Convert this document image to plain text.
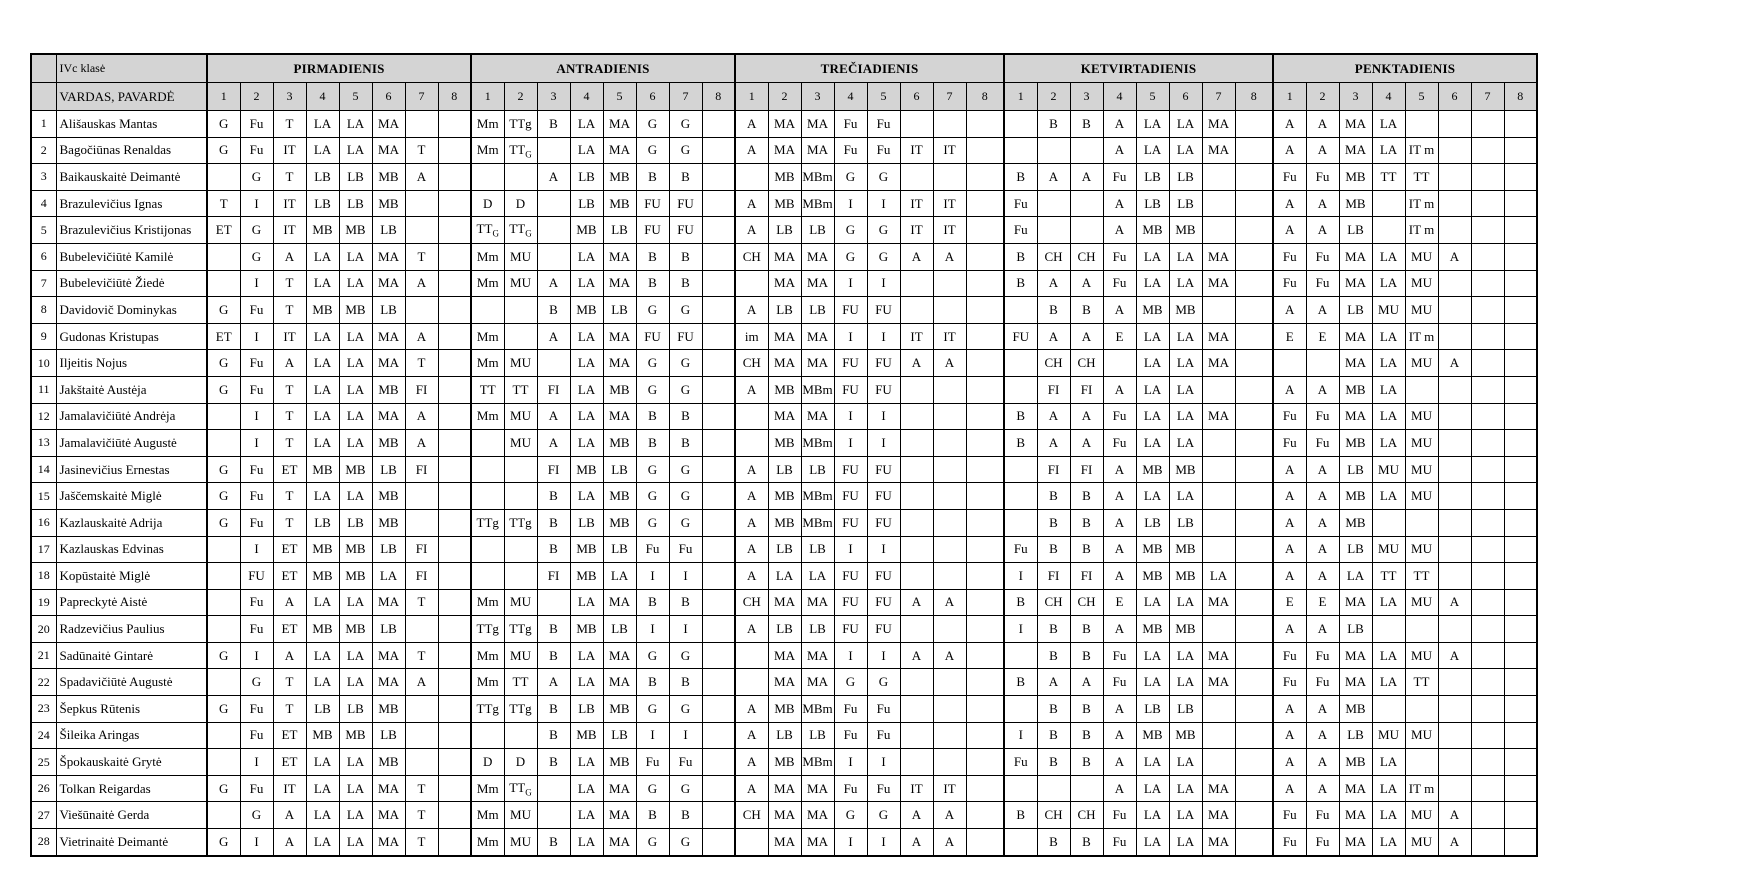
	IVc klasė	PIRMADIENIS								ANTRADIENIS								TREČIADIENIS								KETVIRTADIENIS								PENKTADIENIS							
	VARDAS, PAVARDĖ	1	2	3	4	5	6	7	8	1	2	3	4	5	6	7	8	1	2	3	4	5	6	7	8	1	2	3	4	5	6	7	8	1	2	3	4	5	6	7	8
1	Ališauskas Mantas	G	Fu	T	LA	LA	MA			Mm	TTg	B	LA	MA	G	G		A	MA	MA	Fu	Fu					B	B	A	LA	LA	MA		A	A	MA	LA				
2	Bagočiūnas Renaldas	G	Fu	IT	LA	LA	MA	T		Mm	$TT_G$		LA	MA	G	G		A	MA	MA	Fu	Fu	IT	IT					A	LA	LA	MA		A	A	MA	LA	IT m			
3	Baikauskaitė Deimantė		G	T	LB	LB	MB	A				A	LB	MB	B	B			MB	MBm	G	G				B	A	A	Fu	LB	LB			Fu	Fu	MB	TT	TT			
4	Brazulevičius Ignas	T	I	IT	LB	LB	MB			D	D		LB	MB	FU	FU		A	MB	MBm	I	I	IT	IT		Fu			A	LB	LB			A	A	MB		IT m			
5	Brazulevičius Kristijonas	ET	G	IT	MB	MB	LB			$TT_G$	$TT_G$		MB	LB	FU	FU		A	LB	LB	G	G	IT	IT		Fu			A	MB	MB			A	A	LB		IT m			
6	Bubelevičiūtė Kamilė		G	A	LA	LA	MA	T		Mm	MU		LA	MA	B	B		CH	MA	MA	G	G	A	A		B	CH	CH	Fu	LA	LA	MA		Fu	Fu	MA	LA	MU	A		
7	Bubelevičiūtė Žiedė		I	T	LA	LA	MA	A		Mm	MU	A	LA	MA	B	B			MA	MA	I	I				B	A	A	Fu	LA	LA	MA		Fu	Fu	MA	LA	MU			
8	Davidovič Dominykas	G	Fu	T	MB	MB	LB					B	MB	LB	G	G		A	LB	LB	FU	FU					B	B	A	MB	MB			A	A	LB	MU	MU			
9	Gudonas Kristupas	ET	I	IT	LA	LA	MA	A		Mm		A	LA	MA	FU	FU		im	MA	MA	I	I	IT	IT		FU	A	A	E	LA	LA	MA		E	E	MA	LA	IT m			
10	Iljeitis Nojus	G	Fu	A	LA	LA	MA	T		Mm	MU		LA	MA	G	G		CH	MA	MA	FU	FU	A	A			CH	CH		LA	LA	MA				MA	LA	MU	A		
11	Jakštaitė Austėja	G	Fu	T	LA	LA	MB	FI		TT	TT	FI	LA	MB	G	G		A	MB	MBm	FU	FU					FI	FI	A	LA	LA			A	A	MB	LA				
12	Jamalavičiūtė Andrėja		I	T	LA	LA	MA	A		Mm	MU	A	LA	MA	B	B			MA	MA	I	I				B	A	A	Fu	LA	LA	MA		Fu	Fu	MA	LA	MU			
13	Jamalavičiūtė Augustė		I	T	LA	LA	MB	A			MU	A	LA	MB	B	B			MB	MBm	I	I				B	A	A	Fu	LA	LA			Fu	Fu	MB	LA	MU			
14	Jasinevičius Ernestas	G	Fu	ET	MB	MB	LB	FI				FI	MB	LB	G	G		A	LB	LB	FU	FU					FI	FI	A	MB	MB			A	A	LB	MU	MU			
15	Jaščemskaitė Miglė	G	Fu	T	LA	LA	MB					B	LA	MB	G	G		A	MB	MBm	FU	FU					B	B	A	LA	LA			A	A	MB	LA	MU			
16	Kazlauskaitė Adrija	G	Fu	T	LB	LB	MB			TTg	TTg	B	LB	MB	G	G		A	MB	MBm	FU	FU					B	B	A	LB	LB			A	A	MB					
17	Kazlauskas Edvinas		I	ET	MB	MB	LB	FI				B	MB	LB	Fu	Fu		A	LB	LB	I	I				Fu	B	B	A	MB	MB			A	A	LB	MU	MU			
18	Kopūstaitė Miglė		FU	ET	MB	MB	LA	FI				FI	MB	LA	I	I		A	LA	LA	FU	FU				I	FI	FI	A	MB	MB	LA		A	A	LA	TT	TT			
19	Papreckytė Aistė		Fu	A	LA	LA	MA	T		Mm	MU		LA	MA	B	B		CH	MA	MA	FU	FU	A	A		B	CH	CH	E	LA	LA	MA		E	E	MA	LA	MU	A		
20	Radzevičius Paulius		Fu	ET	MB	MB	LB			TTg	TTg	B	MB	LB	I	I		A	LB	LB	FU	FU				I	B	B	A	MB	MB			A	A	LB					
21	Sadūnaitė Gintarė	G	I	A	LA	LA	MA	T		Mm	MU	B	LA	MA	G	G			MA	MA	I	I	A	A			B	B	Fu	LA	LA	MA		Fu	Fu	MA	LA	MU	A		
22	Spadavičiūtė Augustė		G	T	LA	LA	MA	A		Mm	TT	A	LA	MA	B	B			MA	MA	G	G				B	A	A	Fu	LA	LA	MA		Fu	Fu	MA	LA	TT			
23	Šepkus Rūtenis	G	Fu	T	LB	LB	MB			TTg	TTg	B	LB	MB	G	G		A	MB	MBm	Fu	Fu					B	B	A	LB	LB			A	A	MB					
24	Šileika Aringas		Fu	ET	MB	MB	LB					B	MB	LB	I	I		A	LB	LB	Fu	Fu				I	B	B	A	MB	MB			A	A	LB	MU	MU			
25	Špokauskaitė Grytė		I	ET	LA	LA	MB			D	D	B	LA	MB	Fu	Fu		A	MB	MBm	I	I				Fu	B	B	A	LA	LA			A	A	MB	LA				
26	Tolkan Reigardas	G	Fu	IT	LA	LA	MA	T		Mm	$TT_G$		LA	MA	G	G		A	MA	MA	Fu	Fu	IT	IT					A	LA	LA	MA		A	A	MA	LA	IT m			
27	Viešūnaitė Gerda		G	A	LA	LA	MA	T		Mm	MU		LA	MA	B	B		CH	MA	MA	G	G	A	A		B	CH	CH	Fu	LA	LA	MA		Fu	Fu	MA	LA	MU	A		
28	Vietrinaitė Deimantė	G	I	A	LA	LA	MA	T		Mm	MU	B	LA	MA	G	G			MA	MA	I	I	A	A			B	B	Fu	LA	LA	MA		Fu	Fu	MA	LA	MU	A		
